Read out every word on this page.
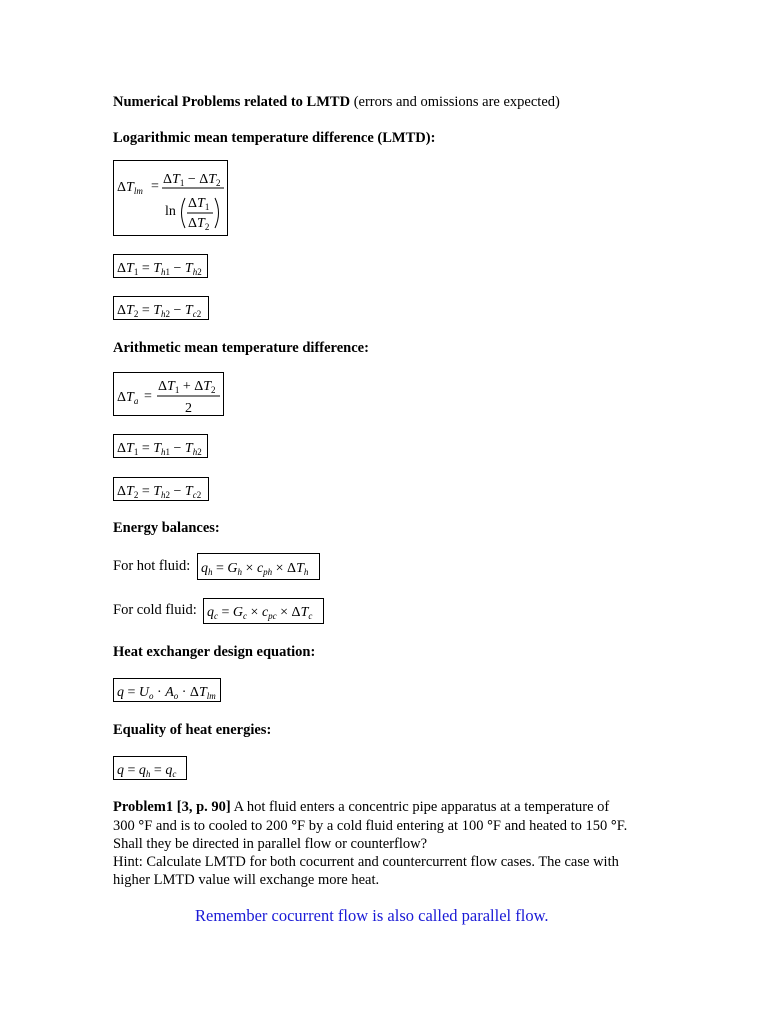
Numerical Problems related to LMTD (errors and omissions are expected)
Logarithmic mean temperature difference (LMTD):
$\Delta T_{lm} = \Delta T_1 - \Delta T_2$
ln
$\Delta T_1$
$\Delta T_2$
$\Delta T_1 = T_h1 - T_h2$
$\Delta T_2 = T_h2 - T_c2$
Arithmetic mean temperature difference:
$\Delta T_a$ =
$\Delta T_1 + \Delta T_2$
2
$\Delta T_1 = T_h1 - T_h2$
$\Delta T_2 = T_h2 - T_c2$
Energy balances:
For hot fluid: $q_h = G_h \times c_{ph} \times \Delta T_h$
For cold fluid: $q_c = G_c \times c_{pc} \times \Delta T_c$
Heat exchanger design equation:
$q = U_o \cdot A_o \cdot \Delta T_{lm}$
Equality of heat energies:
$q = q_h = q_c$
Problem1 [3, p. 90] A hot fluid enters a concentric pipe apparatus at a temperature of
300 °F and is to cooled to 200 °F by a cold fluid entering at 100 °F and heated to 150 °F.
Shall they be directed in parallel flow or counterflow?
Hint: Calculate LMTD for both cocurrent and countercurrent flow cases. The case with
higher LMTD value will exchange more heat.
Remember cocurrent flow is also called parallel flow.
